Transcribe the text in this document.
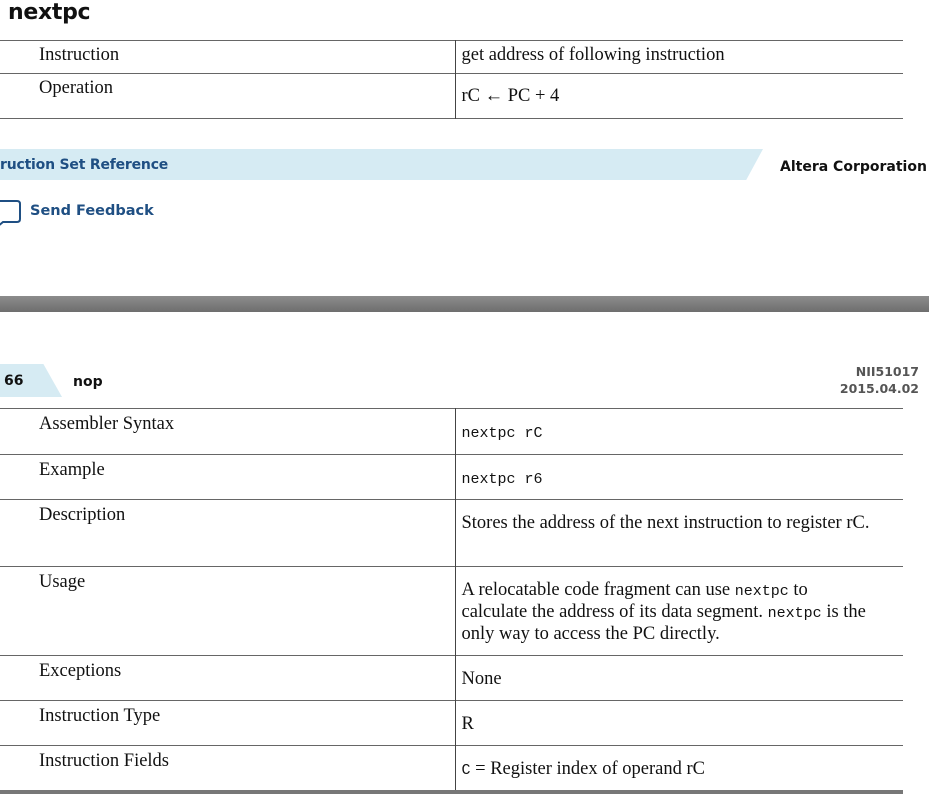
nextpc
Instruction	get address of following instruction
Operation	rC ← PC + 4
ruction Set Reference	Altera Corporation
Send Feedback
66	nop
NII51017
2015.04.02
Assembler Syntax	nextpc rC
Example	nextpc r6
Description	Stores the address of the next instruction to register rC.
Usage	A relocatable code fragment can use nextpc to calculate the address of its data segment. nextpc is the only way to access the PC directly.
Exceptions	None
Instruction Type	R
Instruction Fields	C = Register index of operand rC
